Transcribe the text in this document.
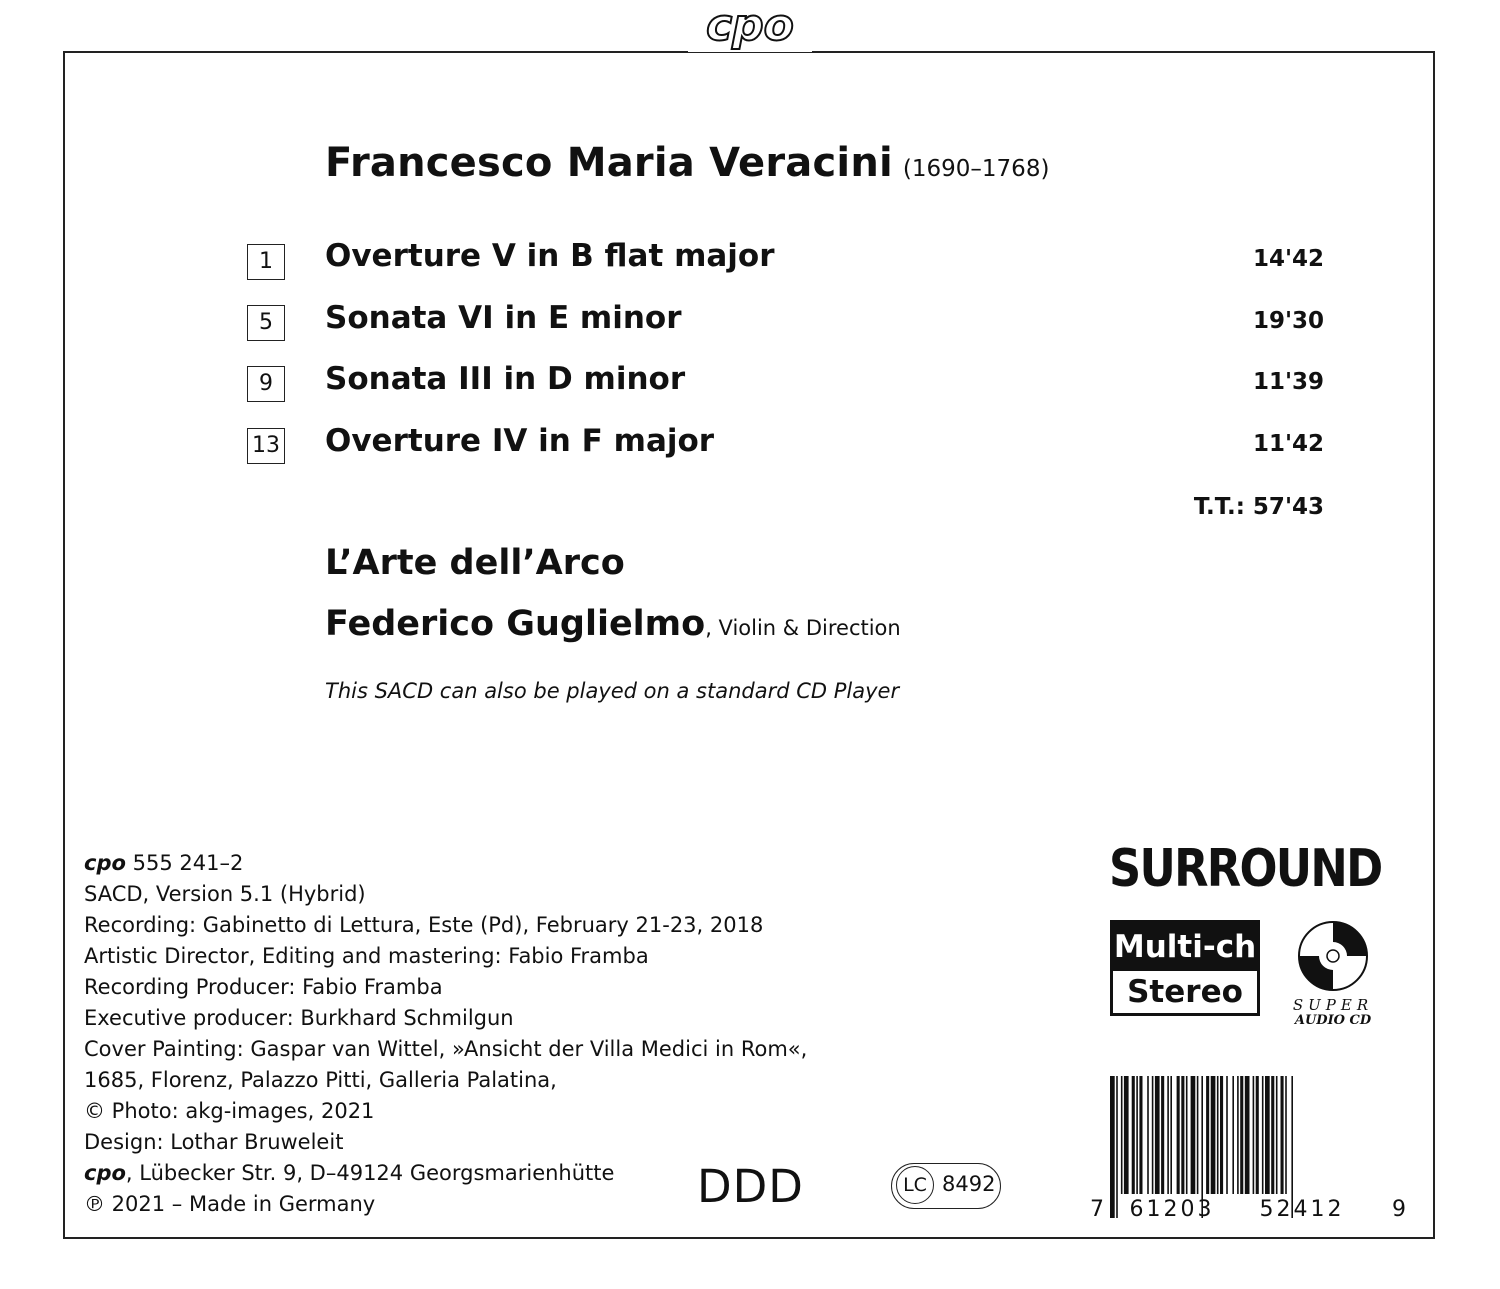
cpo
Francesco Maria Veracini (1690–1768)
1	Overture V in B flat major	14'42
5	Sonata VI in E minor	19'30
9	Sonata III in D minor	11'39
13 Overture IV in F major	11'42
T.T.: 57'43
L’Arte dell’Arco
Federico Guglielmo, Violin & Direction
This SACD can also be played on a standard CD Player
cpo 555 241–2
SACD, Version 5.1 (Hybrid)
Recording: Gabinetto di Lettura, Este (Pd), February 21-23, 2018
Artistic Director, Editing and mastering: Fabio Framba
Recording Producer: Fabio Framba
Executive producer: Burkhard Schmilgun
Cover Painting: Gaspar van Wittel, »Ansicht der Villa Medici in Rom«,
1685, Florenz, Palazzo Pitti, Galleria Palatina,
© Photo: akg-images, 2021
Design: Lothar Bruweleit
cpo, Lübecker Str. 9, D–49124 Georgsmarienhütte
℗ 2021 – Made in Germany	DDD	LC 8492
SURROUND
Multi-ch
Stereo	SUPER
AUDIO CD
7 61203 52412 9
